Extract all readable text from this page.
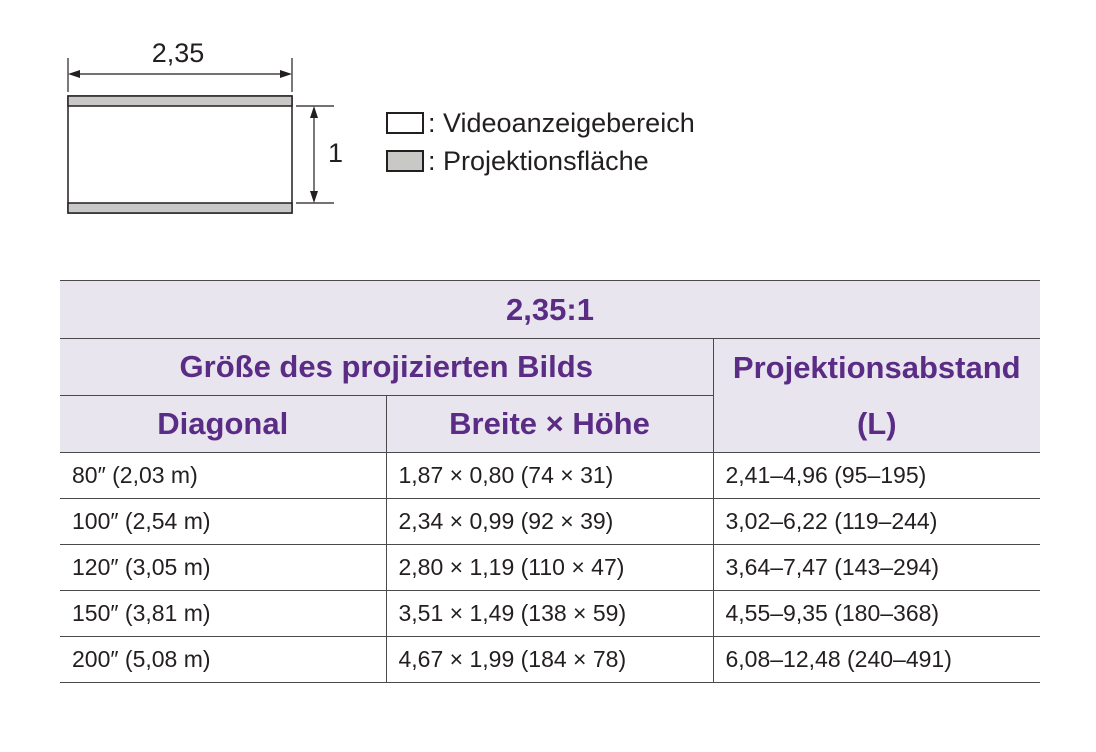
2,35
1
: Videoanzeigebereich
: Projektionsfläche
2,35:1		
Größe des projizierten Bilds		Projektionsabstand
(L)

Diagonal	Breite × Höhe	
80″ (2,03 m)	1,87 × 0,80 (74 × 31)	2,41–4,96 (95–195)
100″ (2,54 m)	2,34 × 0,99 (92 × 39)	3,02–6,22 (119–244)
120″ (3,05 m)	2,80 × 1,19 (110 × 47)	3,64–7,47 (143–294)
150″ (3,81 m)	3,51 × 1,49 (138 × 59)	4,55–9,35 (180–368)
200″ (5,08 m)	4,67 × 1,99 (184 × 78)	6,08–12,48 (240–491)
